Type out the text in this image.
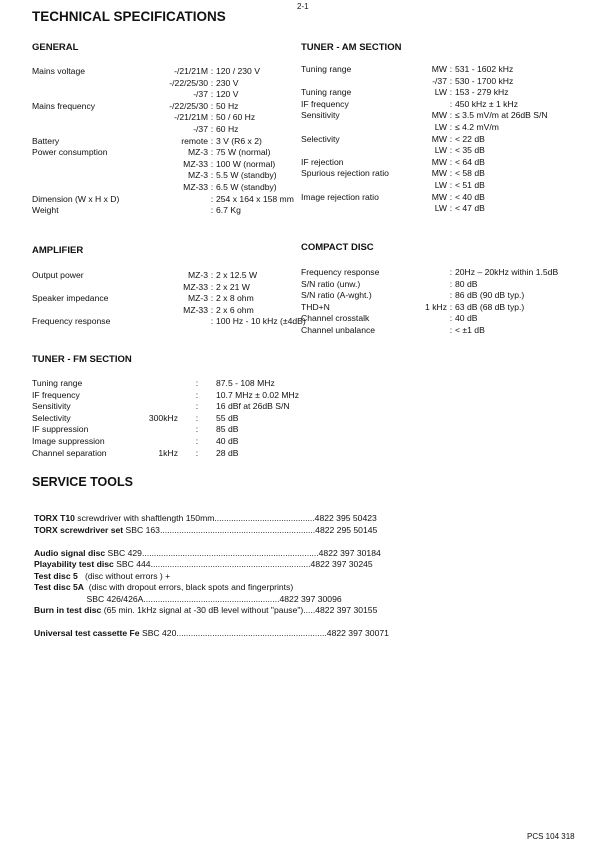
2-1
TECHNICAL SPECIFICATIONS
GENERAL
Mains voltage	-/21/21M : 120 / 230 V
-/22/25/30 : 230 V
-/37 : 120 V
Mains frequency	-/22/25/30 : 50 Hz
-/21/21M : 50 / 60 Hz
-/37 : 60 Hz
Battery	remote : 3 V (R6 x 2)
Power consumption	MZ-3 : 75 W (normal)
MZ-33 : 100 W (normal)
MZ-3 : 5.5 W (standby)
MZ-33 : 6.5 W (standby)
Dimension (W x H x D)	: 254 x 164 x 158 mm
Weight	: 6.7 Kg
AMPLIFIER
Output power	MZ-3 : 2 x 12.5 W
MZ-33 : 2 x 21 W
Speaker impedance	MZ-3 : 2 x 8 ohm
MZ-33 : 2 x 6 ohm
Frequency response	: 100 Hz - 10 kHz (±4dB)
TUNER - FM SECTION
Tuning range	:	87.5 - 108 MHz
IF frequency	:	10.7 MHz ± 0.02 MHz
Sensitivity	:	16 dBf at 26dB S/N
Selectivity	300kHz	:	55 dB
IF suppression	:	85 dB
Image suppression	:	40 dB
Channel separation	1kHz	:	28 dB
TUNER - AM SECTION
Tuning range	MW : 531 - 1602 kHz
-/37 : 530 - 1700 kHz
Tuning range	LW : 153 - 279 kHz
IF frequency	: 450 kHz ± 1 kHz
Sensitivity	MW : ≤ 3.5 mV/m at 26dB S/N
LW : ≤ 4.2 mV/m
Selectivity	MW : < 22 dB
LW : < 35 dB
IF rejection	MW : < 64 dB
Spurious rejection ratio	MW : < 58 dB
LW : < 51 dB
Image rejection ratio	MW : < 40 dB
LW : < 47 dB
COMPACT DISC
Frequency response	: 20Hz – 20kHz within 1.5dB
S/N ratio (unw.)	: 80 dB
S/N ratio (A-wght.)	: 86 dB (90 dB typ.)
THD+N	1 kHz : 63 dB (68 dB typ.)
Channel crosstalk	: 40 dB
Channel unbalance	: < ±1 dB
SERVICE TOOLS
TORX T10 screwdriver with shaftlength 150mm..........................................4822 395 50423
TORX screwdriver set SBC 163.................................................................4822 295 50145
Audio signal disc SBC 429..........................................................................4822 397 30184
Playability test disc SBC 444...................................................................4822 397 30245
Test disc 5   (disc without errors ) +
Test disc 5A  (disc with dropout errors, black spots and fingerprints)
SBC 426/426A.........................................................4822 397 30096
Burn in test disc (65 min. 1kHz signal at -30 dB level without "pause").....4822 397 30155
Universal test cassette Fe SBC 420...............................................................4822 397 30071
PCS 104 318
